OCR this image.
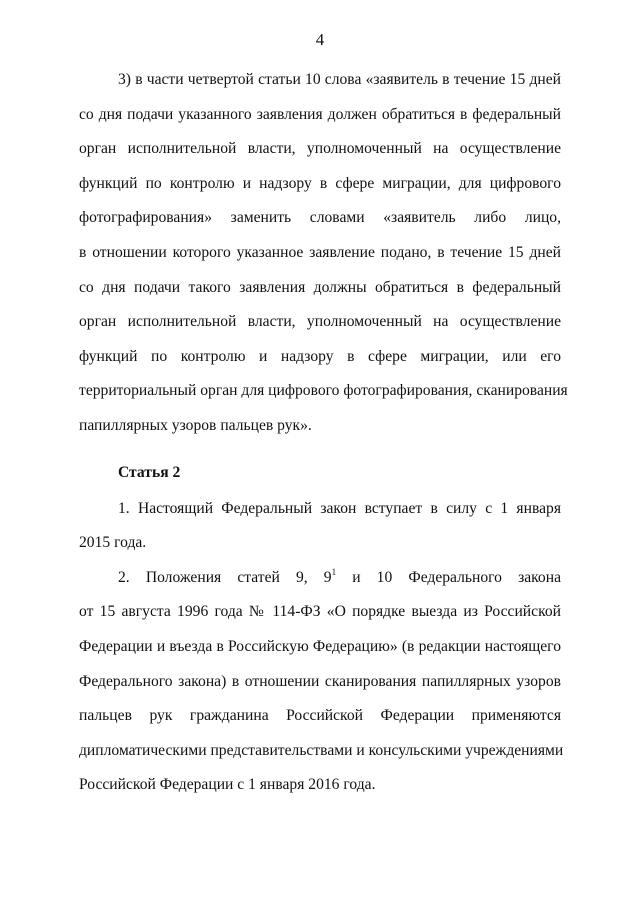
4
3) в части четвертой статьи 10 слова «заявитель в течение 15 дней
со дня подачи указанного заявления должен обратиться в федеральный
орган исполнительной власти, уполномоченный на осуществление
функций по контролю и надзору в сфере миграции, для цифрового
фотографирования» заменить словами «заявитель либо лицо,
в отношении которого указанное заявление подано, в течение 15 дней
со дня подачи такого заявления должны обратиться в федеральный
орган исполнительной власти, уполномоченный на осуществление
функций по контролю и надзору в сфере миграции, или его
территориальный орган для цифрового фотографирования, сканирования
папиллярных узоров пальцев рук».
Статья 2
1. Настоящий Федеральный закон вступает в силу с 1 января
2015 года.
2. Положения статей 9, $9^1$ и 10 Федерального закона
от 15 августа 1996 года № 114-ФЗ «О порядке выезда из Российской
Федерации и въезда в Российскую Федерацию» (в редакции настоящего
Федерального закона) в отношении сканирования папиллярных узоров
пальцев рук гражданина Российской Федерации применяются
дипломатическими представительствами и консульскими учреждениями
Российской Федерации с 1 января 2016 года.
